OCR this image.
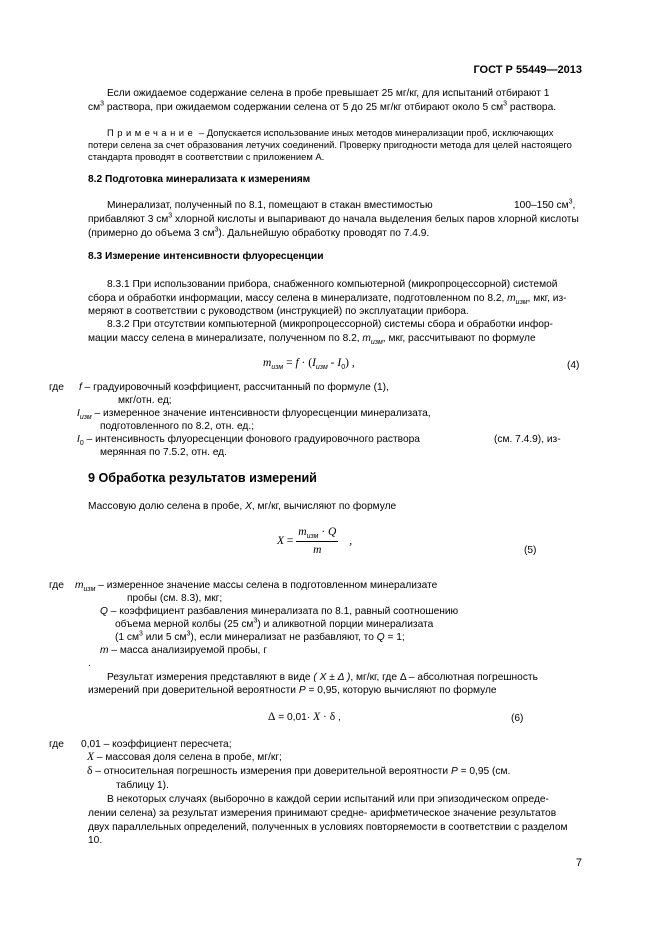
ГОСТ Р 55449—2013
Если ожидаемое содержание селена в пробе превышает 25 мг/кг, для испытаний отбирают 1
$см^3$ раствора, при ожидаемом содержании селена от 5 до 25 мг/кг отбирают около 5 $см^3$ раствора.
Примечание – Допускается использование иных методов минерализации проб, исключающих
потери селена за счет образования летучих соединений. Проверку пригодности метода для целей настоящего
стандарта проводят в соответствии с приложением А.
8.2 Подготовка минерализата к измерениям
Минерализат, полученный по 8.1, помещают в стакан вместимостью	100–150 $см^3$,
прибавляют 3 $см^3$ хлорной кислоты и выпаривают до начала выделения белых паров хлорной кислоты
(примерно до объема 3 $см^3$). Дальнейшую обработку проводят по 7.4.9.
8.3 Измерение интенсивности флуоресценции
8.3.1 При использовании прибора, снабженного компьютерной (микропроцессорной) системой
сбора и обработки информации, массу селена в минерализате, подготовленном по 8.2, $m_{изм}$, мкг, из-
меряют в соответствии с руководством (инструкцией) по эксплуатации прибора.
8.3.2 При отсутствии компьютерной (микропроцессорной) системы сбора и обработки инфор-
мации массу селена в минерализате, полученном по 8.2, $m_{изм}$, мкг, рассчитывают по формуле
$m_{изм} = f \cdot (I_{изм} - I_0)$ ,	(4)
где f – градуировочный коэффициент, рассчитанный по формуле (1),
мкг/отн. ед;
$I_{изм}$ – измеренное значение интенсивности флуоресценции минерализата,
подготовленного по 8.2, отн. ед.;
$I_0$ – интенсивность флуоресценции фонового градуировочного раствора	(см. 7.4.9), из-
мерянная по 7.5.2, отн. ед.
9 Обработка результатов измерений
Массовую долю селена в пробе, X, мг/кг, вычисляют по формуле
$X = \frac{m_{изм} \cdot Q}{m}$ ,
(5)
где $m_{изм}$ – измеренное значение массы селена в подготовленном минерализате
пробы (см. 8.3), мкг;
Q – коэффициент разбавления минерализата по 8.1, равный соотношению
объема мерной колбы (25 $см^3$) и аликвотной порции минерализата
(1 $см^3$ или 5 $см^3$), если минерализат не разбавляют, то Q = 1;
m – масса анализируемой пробы, г
.
Результат измерения представляют в виде ( X ± Δ ), мг/кг, где Δ – абсолютная погрешность
измерений при доверительной вероятности P = 0,95, которую вычисляют по формуле
Δ = 0,01· X · δ ,	(6)
где 0,01 – коэффициент пересчета;
X – массовая доля селена в пробе, мг/кг;
δ – относительная погрешность измерения при доверительной вероятности P = 0,95 (см.
таблицу 1).
В некоторых случаях (выборочно в каждой серии испытаний или при эпизодическом опреде-
лении селена) за результат измерения принимают средне- арифметическое значение результатов
двух параллельных определений, полученных в условиях повторяемости в соответствии с разделом
10.
7
